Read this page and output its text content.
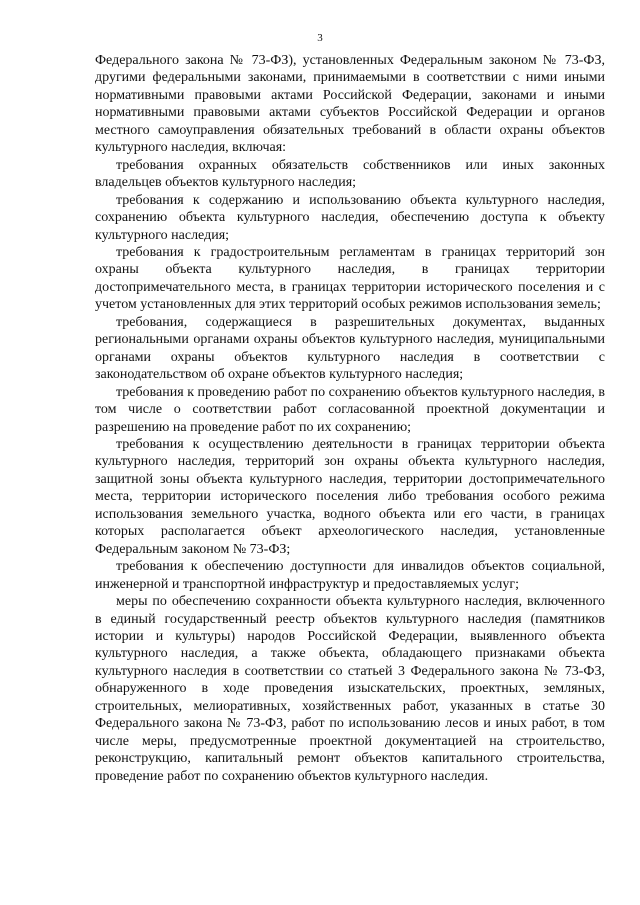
3

Федерального закона № 73-ФЗ), установленных Федеральным законом № 73-ФЗ, другими федеральными законами, принимаемыми в соответствии с ними иными нормативными правовыми актами Российской Федерации, законами и иными нормативными правовыми актами субъектов Российской Федерации и органов местного самоуправления обязательных требований в области охраны объектов культурного наследия, включая:

требования охранных обязательств собственников или иных законных владельцев объектов культурного наследия;

требования к содержанию и использованию объекта культурного наследия, сохранению объекта культурного наследия, обеспечению доступа к объекту культурного наследия;

требования к градостроительным регламентам в границах территорий зон охраны объекта культурного наследия, в границах территории достопримечательного места, в границах территории исторического поселения и с учетом установленных для этих территорий особых режимов использования земель;

требования, содержащиеся в разрешительных документах, выданных региональными органами охраны объектов культурного наследия, муниципальными органами охраны объектов культурного наследия в соответствии с законодательством об охране объектов культурного наследия;

требования к проведению работ по сохранению объектов культурного наследия, в том числе о соответствии работ согласованной проектной документации и разрешению на проведение работ по их сохранению;

требования к осуществлению деятельности в границах территории объекта культурного наследия, территорий зон охраны объекта культурного наследия, защитной зоны объекта культурного наследия, территории достопримечательного места, территории исторического поселения либо требования особого режима использования земельного участка, водного объекта или его части, в границах которых располагается объект археологического наследия, установленные Федеральным законом № 73-ФЗ;

требования к обеспечению доступности для инвалидов объектов социальной, инженерной и транспортной инфраструктур и предоставляемых услуг;

меры по обеспечению сохранности объекта культурного наследия, включенного в единый государственный реестр объектов культурного наследия (памятников истории и культуры) народов Российской Федерации, выявленного объекта культурного наследия, а также объекта, обладающего признаками объекта культурного наследия в соответствии со статьей 3 Федерального закона № 73-ФЗ, обнаруженного в ходе проведения изыскательских, проектных, земляных, строительных, мелиоративных, хозяйственных работ, указанных в статье 30 Федерального закона № 73-ФЗ, работ по использованию лесов и иных работ, в том числе меры, предусмотренные проектной документацией на строительство, реконструкцию, капитальный ремонт объектов капитального строительства, проведение работ по сохранению объектов культурного наследия.
